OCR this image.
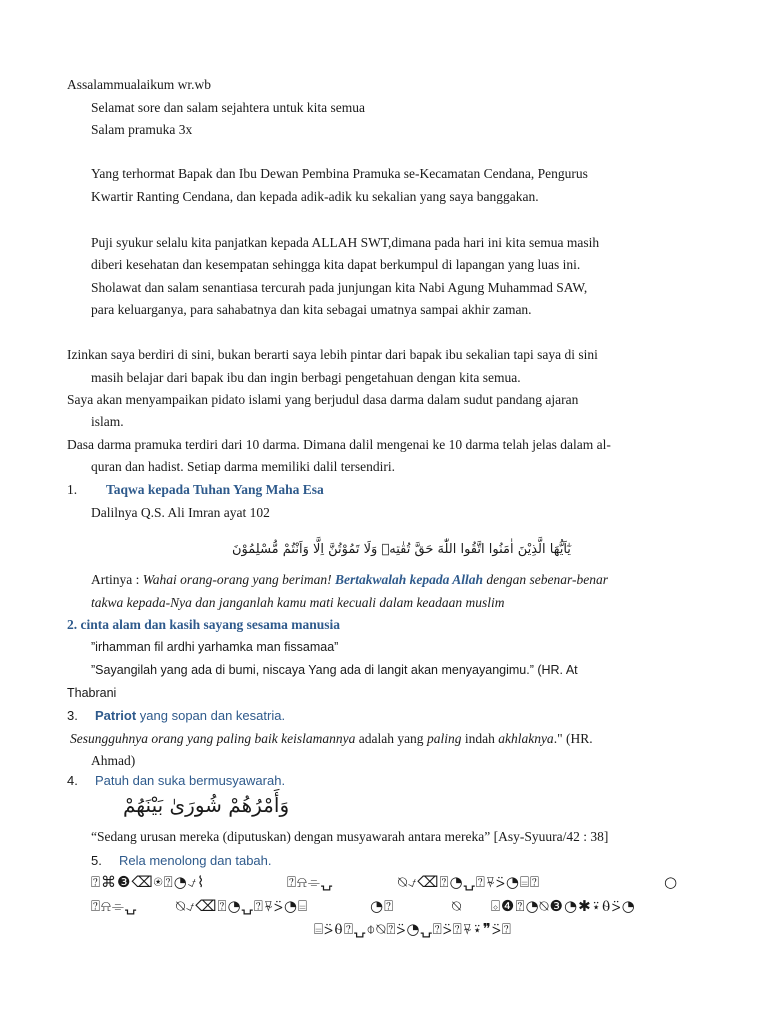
Assalammualaikum wr.wb
Selamat sore dan salam sejahtera untuk kita semua
Salam pramuka 3x
Yang terhormat Bapak dan Ibu Dewan Pembina Pramuka se-Kecamatan Cendana, Pengurus
Kwartir Ranting Cendana, dan kepada adik-adik ku sekalian yang saya banggakan.
Puji syukur selalu kita panjatkan kepada ALLAH SWT,dimana pada hari ini kita semua masih
diberi kesehatan dan kesempatan sehingga kita dapat berkumpul di lapangan yang luas ini.
Sholawat dan salam senantiasa tercurah pada junjungan kita Nabi Agung Muhammad SAW,
para keluarganya, para sahabatnya dan kita sebagai umatnya sampai akhir zaman.
Izinkan saya berdiri di sini, bukan berarti saya lebih pintar dari bapak ibu sekalian tapi saya di sini
masih belajar dari bapak ibu dan ingin berbagi pengetahuan dengan kita semua.
Saya akan menyampaikan pidato islami yang berjudul dasa darma dalam sudut pandang ajaran
islam.
Dasa darma pramuka terdiri dari 10 darma. Dimana dalil mengenai ke 10 darma telah jelas dalam al-
quran dan hadist. Setiap darma memiliki dalil tersendiri.
1. Taqwa kepada Tuhan Yang Maha Esa
Dalilnya Q.S. Ali Imran ayat 102
يٰٓاَيُّهَا الَّذِيْنَ اٰمَنُوا اتَّقُوا اللّٰهَ حَقَّ تُقٰتِهٖ وَلَا تَمُوْتُنَّ اِلَّا وَاَنْتُمْ مُّسْلِمُوْنَ
Artinya : Wahai orang-orang yang beriman! Bertakwalah kepada Allah dengan sebenar-benar
takwa kepada-Nya dan janganlah kamu mati kecuali dalam keadaan muslim
2. cinta alam dan kasih sayang sesama manusia
”irhamman fil ardhi yarhamka man fissamaa”
”Sayangilah yang ada di bumi, niscaya Yang ada di langit akan menyayangimu.” (HR. At
Thabrani
3. Patriot yang sopan dan kesatria.
Sesungguhnya orang yang paling baik keislamannya adalah yang paling indah akhlaknya." (HR.
Ahmad)
4. Patuh dan suka bermusyawarah.
وَأَمْرُهُمْ شُورَىٰ بَيْنَهُمْ
“Sedang urusan mereka (diputuskan) dengan musyawarah antara mereka” [Asy-Syuura/42 : 38]
5. Rela menolong dan tabah.
⍰⌘❸⌫⍟⍰◔⍻⌇	⍰⍾⌯⍽	⍉⍻⌫⍰◔⍽⍰⍫⍩◔⌸⍰	○
⍰⍾⌯⍽	⍉⍻⌫⍰◔⍽⍰⍫⍩◔⌸	◔⍰	⍉ ⌺❹⍰◔⍉❸◔✱⍣⍬⍩◔
⌸⍩⍬⍰⍽⌽⍉⍰⍩◔⍽⍰⍩⍰⍫⍣❞⍩⍰
